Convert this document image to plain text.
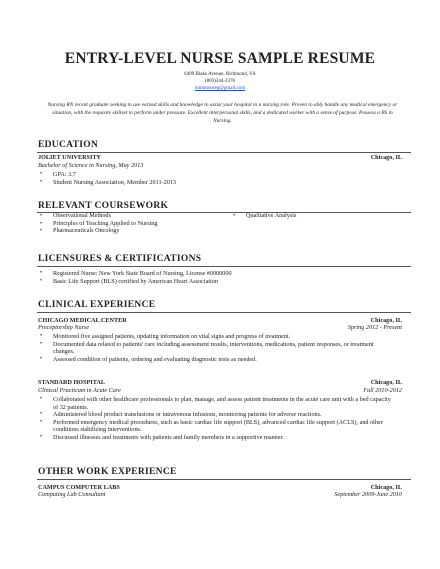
ENTRY-LEVEL NURSE SAMPLE RESUME
6499 Blake Avenue, Richmond, VA
(803)344-2376
mimmoorep@gmail.com
Nursing RN recent graduate seeking to use earned skills and knowledge to assist your hospital in a nursing role. Proven to ably handle any medical emergency or situation, with the requisite skillset to perform under pressure. Excellent interpersonal skills, and a dedicated worker with a sense of purpose. Possess a BS in Nursing.
EDUCATION
JOLIET UNIVERSITY	Chicago, IL
Bachelor of Science in Nursing, May 2013
• GPA: 3.7
• Student Nursing Association, Member 2011-2013
RELEVANT COURSEWORK
• Observational Methods
• Principles of Teaching Applied to Nursing
• Pharmaceuticals Oncology
• Qualitative Analysis
LICENSURES & CERTIFICATIONS
• Registered Nurse: New York State Board of Nursing, License #0000000
• Basic Life Support (BLS) certified by American Heart Association
CLINICAL EXPERIENCE
CHICAGO MEDICAL CENTER	Chicago, IL
Preceptorship Nurse	Spring 2012 - Present
• Monitored five assigned patients, updating information on vital signs and progress of treatment.
• Documented data related to patients' care including assessment results, interventions, medications, patient responses, or treatment changes.
• Assessed condition of patients, ordering and evaluating diagnostic tests as needed.
STANDARD HOSPITAL	Chicago, IL
Clinical Practicum in Acute Care	Fall 2010-2012
• Collaborated with other healthcare professionals to plan, manage, and assess patient treatments in the acute care unit with a bed capacity of 32 patients.
• Administered blood product transfusions or intravenous infusions, monitoring patients for adverse reactions.
• Performed emergency medical procedures, such as basic cardiac life support (BLS), advanced cardiac life support (ACLS), and other conditions stabilizing interventions.
• Discussed illnesses and treatments with patients and family members in a supportive manner.
OTHER WORK EXPERIENCE
CAMPUS COMPUTER LABS	Chicago, IL
Computing Lab Consultant	September 2009-June 2010
